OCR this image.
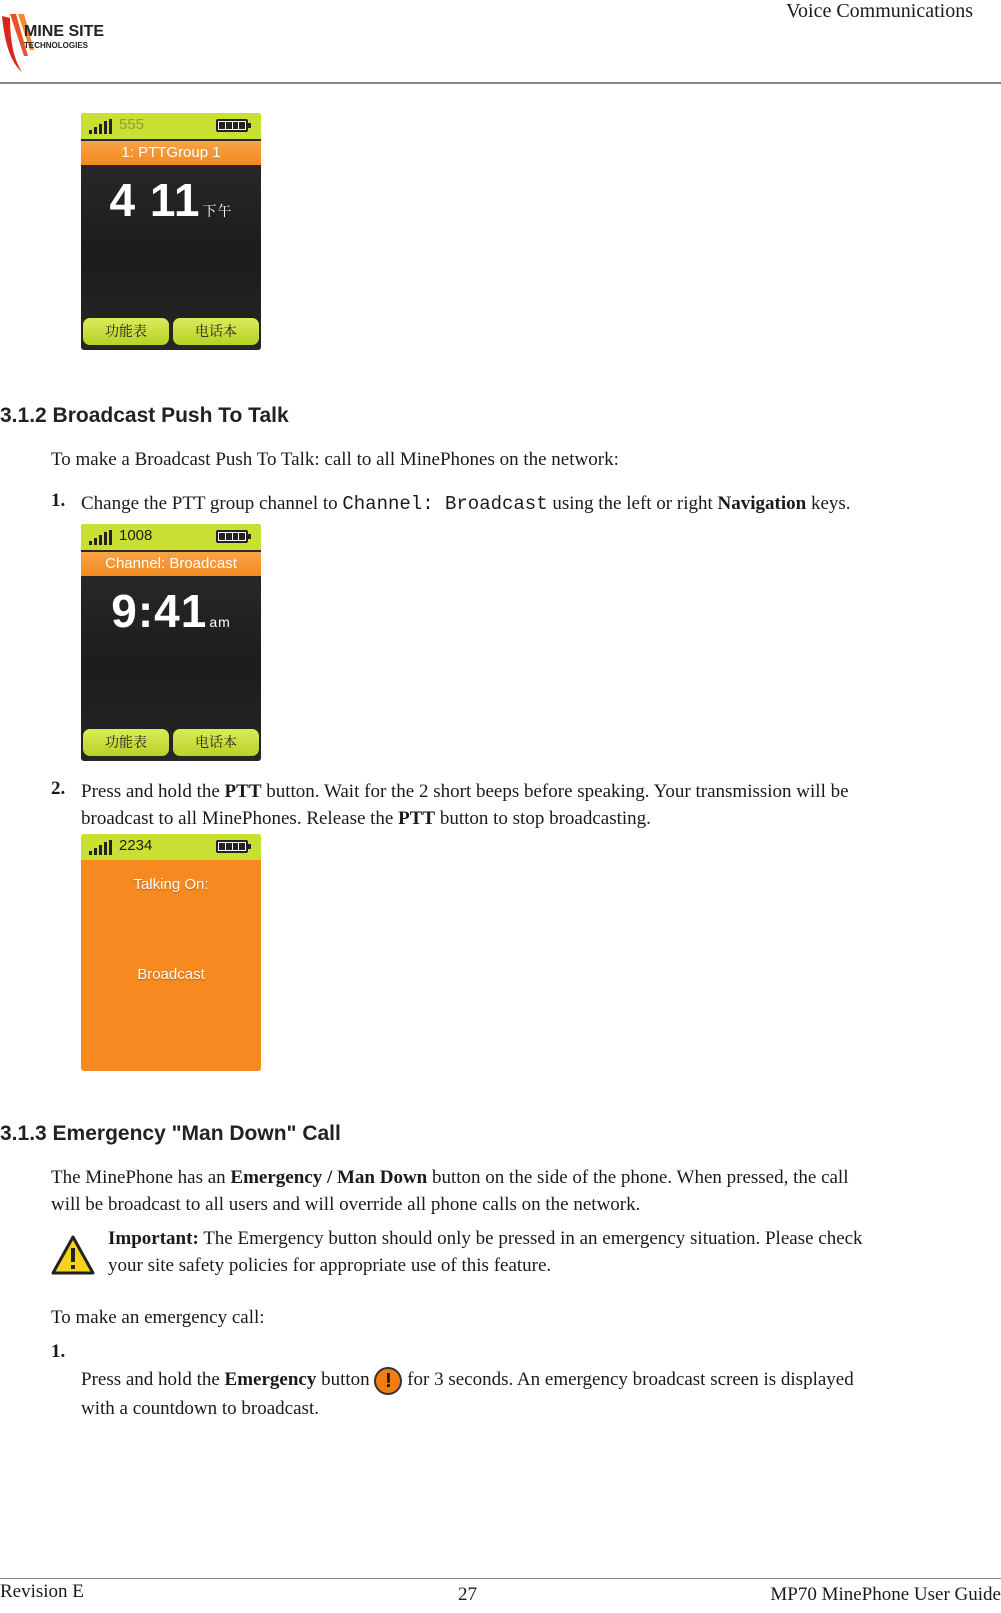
MINE SITE
TECHNOLOGIES
Voice Communications
555
1: PTTGroup 1
4 11 下午
功能表	电话本
3.1.2 Broadcast Push To Talk
To make a Broadcast Push To Talk: call to all MinePhones on the network:
1. Change the PTT group channel to Channel: Broadcast using the left or right Navigation keys.
1008
Channel: Broadcast
9:41 am
功能表	电话本
2. Press and hold the PTT button. Wait for the 2 short beeps before speaking. Your transmission will be
broadcast to all MinePhones. Release the PTT button to stop broadcasting.
2234
Talking On:
Broadcast
3.1.3 Emergency "Man Down" Call
The MinePhone has an Emergency / Man Down button on the side of the phone. When pressed, the call
will be broadcast to all users and will override all phone calls on the network.
Important: The Emergency button should only be pressed in an emergency situation. Please check
your site safety policies for appropriate use of this feature.
To make an emergency call:
1.
Press and hold the Emergency button ! for 3 seconds. An emergency broadcast screen is displayed
with a countdown to broadcast.
Revision E	27	MP70 MinePhone User Guide
